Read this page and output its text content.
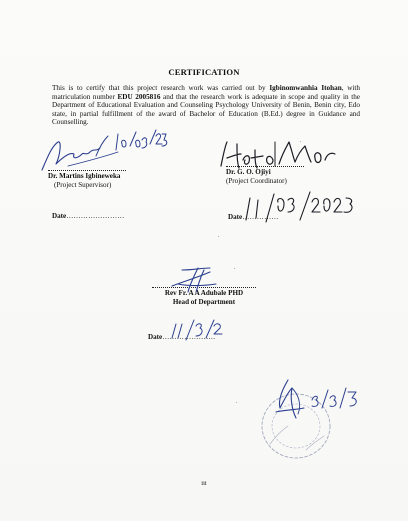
CERTIFICATION
This is to certify that this project research work was carried out by Igbinomwanhia Itohan, with matriculation number EDU 2005816 and that the research work is adequate in scope and quality in the Department of Educational Evaluation and Counseling Psychology University of Benin, Benin city, Edo state, in partial fulfillment of the award of Bachelor of Education (B.Ed.) degree in Guidance and Counselling.
Dr. Martins Igbineweka
(Project Supervisor)
Dr. G. O. Ojiyi
(Project Coordinator)
Date……………………	Date……………
Rev Fr. A A Adubale PHD
Head of Department
Date………………….
iii
